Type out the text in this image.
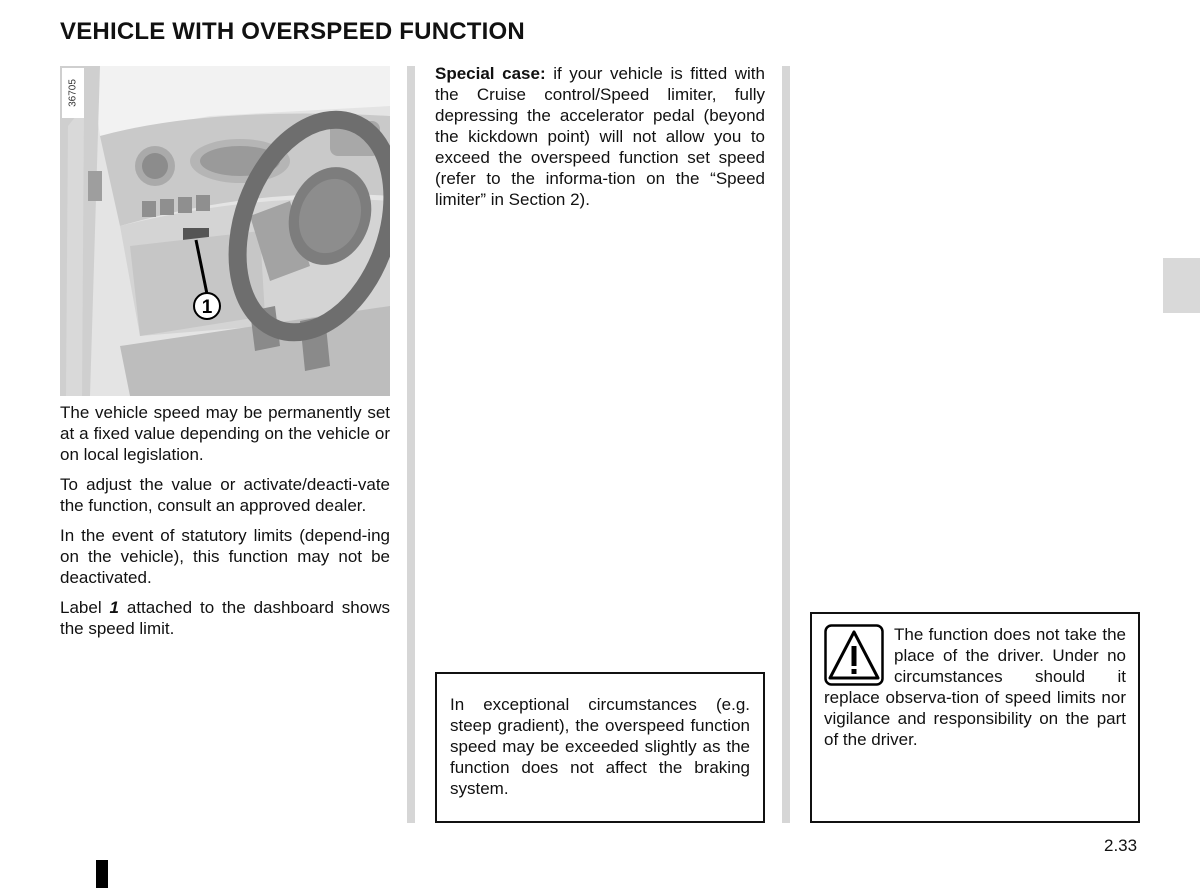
VEHICLE WITH OVERSPEED FUNCTION
1
36705

The vehicle speed may be permanently set at a fixed value depending on the vehicle or on local legislation.

To adjust the value or activate/deacti-vate the function, consult an approved dealer.

In the event of statutory limits (depend-ing on the vehicle), this function may not be deactivated.

Label 1 attached to the dashboard shows the speed limit.

Special case: if your vehicle is fitted with the Cruise control/Speed limiter, fully depressing the accelerator pedal (beyond the kickdown point) will not allow you to exceed the overspeed function set speed (refer to the informa-tion on the “Speed limiter” in Section 2).

In exceptional circumstances (e.g. steep gradient), the overspeed function speed may be exceeded slightly as the function does not affect the braking system.
The function does not take the place of the driver. Under no circumstances should it replace observa-tion of speed limits nor vigilance and responsibility on the part of the driver.
2.33
